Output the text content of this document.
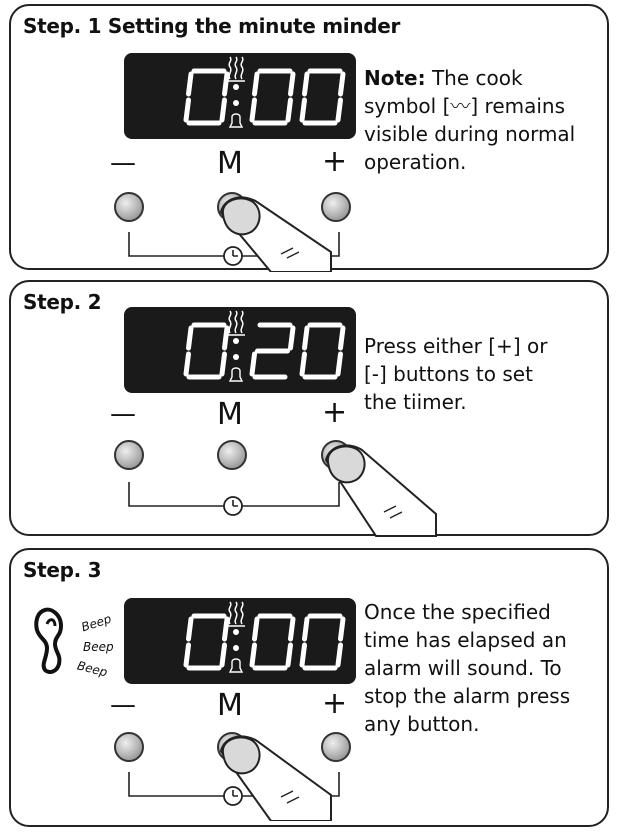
Step. 1 Setting the minute minder
—	M	+
Note: The cook symbol [〰] remains visible during normal operation.
Step. 2
—	M	+
Press either [+] or [-] buttons to set the tiimer.
Step. 3
Beep
Beep
Beep
—	M	+
Once the specified time has elapsed an alarm will sound. To stop the alarm press any button.
